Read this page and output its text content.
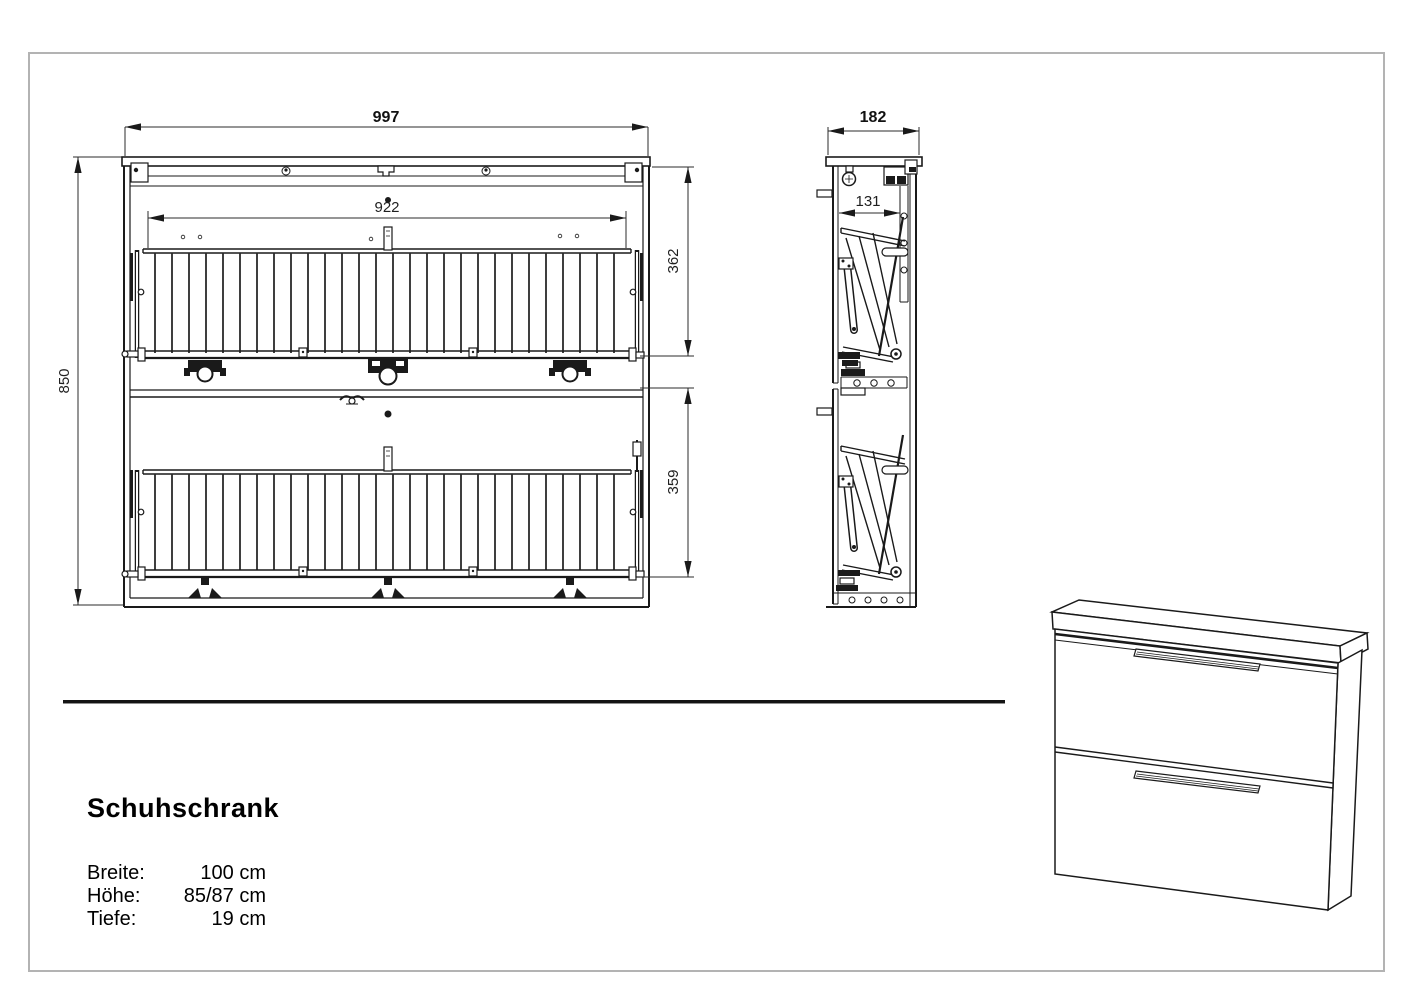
997
850
922
362
359
182
131
Schuhschrank
Breite:	100 cm
Höhe: 85/87 cm
Tiefe:	19 cm
